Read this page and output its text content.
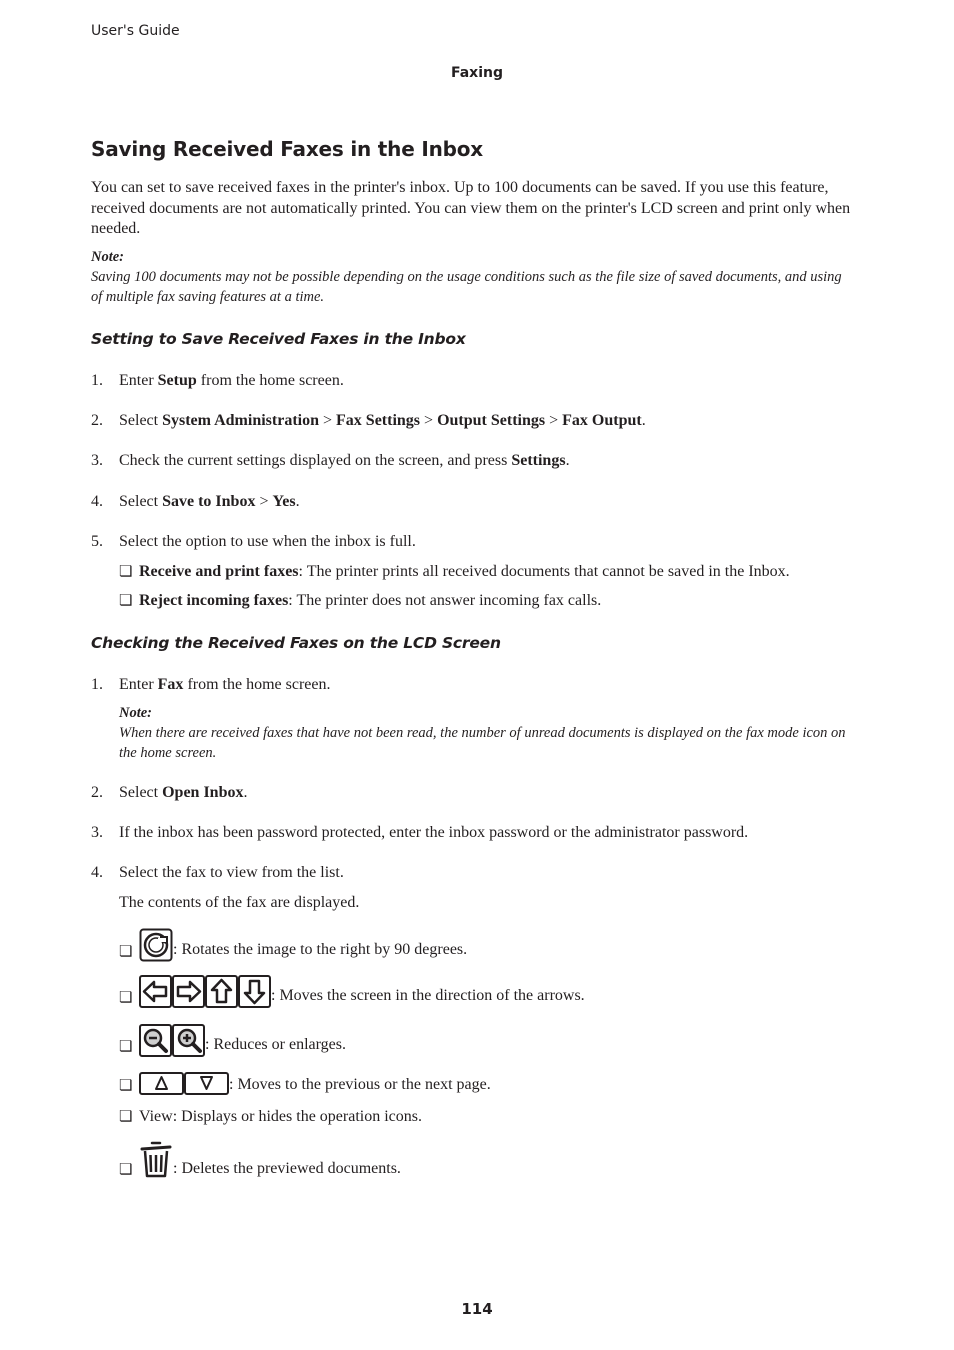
User's Guide
Faxing
Saving Received Faxes in the Inbox

You can set to save received faxes in the printer's inbox. Up to 100 documents can be saved. If you use this feature, received documents are not automatically printed. You can view them on the printer's LCD screen and print only when needed.

Note:
Saving 100 documents may not be possible depending on the usage conditions such as the file size of saved documents, and using of multiple fax saving features at a time.
Setting to Save Received Faxes in the Inbox
1. Enter Setup from the home screen.
2. Select System Administration > Fax Settings > Output Settings > Fax Output.
3. Check the current settings displayed on the screen, and press Settings.
4. Select Save to Inbox > Yes.
5. Select the option to use when the inbox is full.
❏ Receive and print faxes: The printer prints all received documents that cannot be saved in the Inbox.
❏ Reject incoming faxes: The printer does not answer incoming fax calls.
Checking the Received Faxes on the LCD Screen
1. Enter Fax from the home screen.
Note:
When there are received faxes that have not been read, the number of unread documents is displayed on the fax mode icon on the home screen.
2. Select Open Inbox.
3. If the inbox has been password protected, enter the inbox password or the administrator password.
4. Select the fax to view from the list.
The contents of the fax are displayed.
❏	: Rotates the image to the right by 90 degrees.
❏	: Moves the screen in the direction of the arrows.
❏	: Reduces or enlarges.
❏	: Moves to the previous or the next page.
❏ View: Displays or hides the operation icons.
❏	: Deletes the previewed documents.
114
